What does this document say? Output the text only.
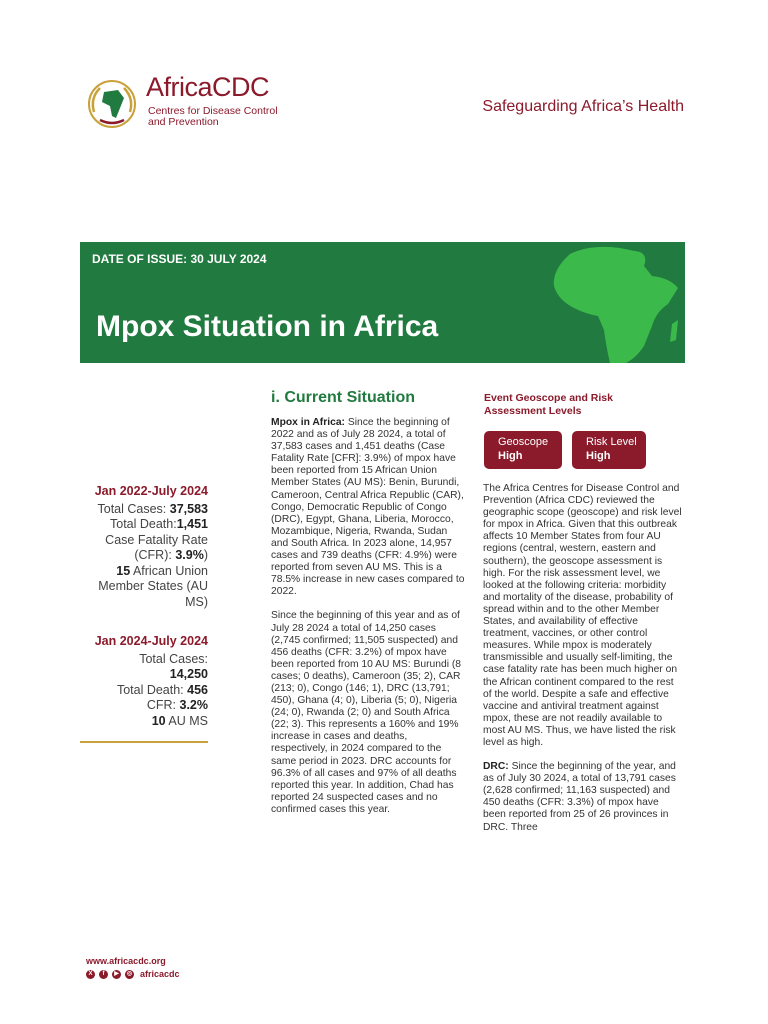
AfricaCDC
Centres for Disease Control and Prevention
Safeguarding Africa’s Health
DATE OF ISSUE: 30 JULY 2024
Mpox Situation in Africa
Jan 2022-July 2024
Total Cases: 37,583
Total Death:1,451
Case Fatality Rate (CFR): 3.9%)
15 African Union Member States (AU MS)
Jan 2024-July 2024
Total Cases:
14,250
Total Death: 456
CFR: 3.2%
10 AU MS
i. Current Situation

Mpox in Africa: Since the beginning of 2022 and as of July 28 2024, a total of 37,583 cases and 1,451 deaths (Case Fatality Rate [CFR]: 3.9%) of mpox have been reported from 15 African Union Member States (AU MS): Benin, Burundi, Cameroon, Central Africa Republic (CAR), Congo, Democratic Republic of Congo (DRC), Egypt, Ghana, Liberia, Morocco, Mozambique, Nigeria, Rwanda, Sudan and South Africa. In 2023 alone, 14,957 cases and 739 deaths (CFR: 4.9%) were reported from seven AU MS. This is a 78.5% increase in new cases compared to 2022.

Since the beginning of this year and as of July 28 2024 a total of 14,250 cases (2,745 confirmed; 11,505 suspected) and 456 deaths (CFR: 3.2%) of mpox have been reported from 10 AU MS: Burundi (8 cases; 0 deaths), Cameroon (35; 2), CAR (213; 0), Congo (146; 1), DRC (13,791; 450), Ghana (4; 0), Liberia (5; 0), Nigeria (24; 0), Rwanda (2; 0) and South Africa (22; 3). This represents a 160% and 19% increase in cases and deaths, respectively, in 2024 compared to the same period in 2023. DRC accounts for 96.3% of all cases and 97% of all deaths reported this year. In addition, Chad has reported 24 suspected cases and no confirmed cases this year.

Event Geoscope and Risk Assessment Levels
Geoscope
High
Risk Level
High

The Africa Centres for Disease Control and Prevention (Africa CDC) reviewed the geographic scope (geoscope) and risk level for mpox in Africa. Given that this outbreak affects 10 Member States from four AU regions (central, western, eastern and southern), the geoscope assessment is high. For the risk assessment level, we looked at the following criteria: morbidity and mortality of the disease, probability of spread within and to the other Member States, and availability of effective treatment, vaccines, or other control measures. While mpox is moderately transmissible and usually self-limiting, the case fatality rate has been much higher on the African continent compared to the rest of the world. Despite a safe and effective vaccine and antiviral treatment against mpox, these are not readily available to most AU MS. Thus, we have listed the risk level as high.

DRC: Since the beginning of the year, and as of July 30 2024, a total of 13,791 cases (2,628 confirmed; 11,163 suspected) and 450 deaths (CFR: 3.3%) of mpox have been reported from 25 of 26 provinces in DRC. Three

www.africacdc.org
X	f	▶	◎ africacdc
